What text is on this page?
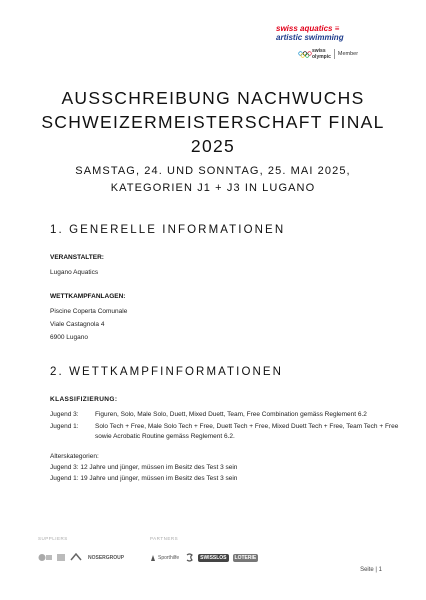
swiss aquatics ≡
artistic swimming
swiss
olympic Member
AUSSCHREIBUNG NACHWUCHS
SCHWEIZERMEISTERSCHAFT FINAL
2025
SAMSTAG, 24. UND SONNTAG, 25. MAI 2025,
KATEGORIEN J1 + J3 IN LUGANO
1. GENERELLE INFORMATIONEN
VERANSTALTER:
Lugano Aquatics
WETTKAMPFANLAGEN:
Piscine Coperta Comunale
Viale Castagnola 4
6900 Lugano
2. WETTKAMPFINFORMATIONEN
KLASSIFIZIERUNG:
Jugend 3:	Figuren, Solo, Male Solo, Duett, Mixed Duett, Team, Free Combination gemäss Reglement 6.2
Jugend 1:	Solo Tech + Free, Male Solo Tech + Free, Duett Tech + Free, Mixed Duett Tech + Free, Team Tech + Free sowie Acrobatic Routine gemäss Reglement 6.2.
Alterskategorien:
Jugend 3: 12 Jahre und jünger, müssen im Besitz des Test 3 sein
Jugend 1: 19 Jahre und jünger, müssen im Besitz des Test 3 sein
SUPPLIERS	PARTNERS
NOSERGROUP	Sporthilfe	SWISSLOS	LOTERIE
Seite | 1
